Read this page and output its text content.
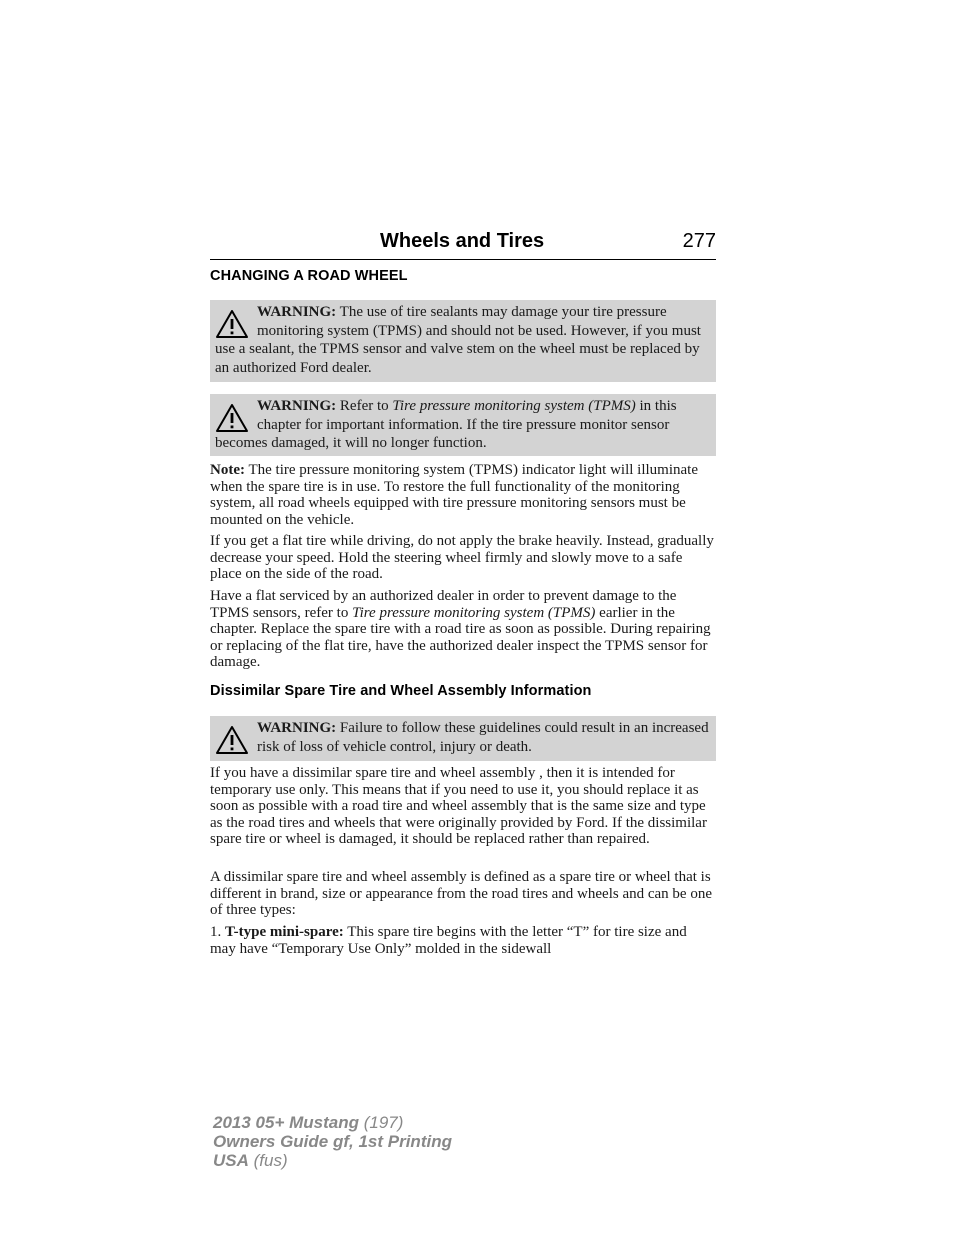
Wheels and Tires	277
CHANGING A ROAD WHEEL
WARNING: The use of tire sealants may damage your tire pressure monitoring system (TPMS) and should not be used. However, if you must use a sealant, the TPMS sensor and valve stem on the wheel must be replaced by an authorized Ford dealer.
WARNING: Refer to Tire pressure monitoring system (TPMS) in this chapter for important information. If the tire pressure monitor sensor becomes damaged, it will no longer function.

Note: The tire pressure monitoring system (TPMS) indicator light will illuminate when the spare tire is in use. To restore the full functionality of the monitoring system, all road wheels equipped with tire pressure monitoring sensors must be mounted on the vehicle.

If you get a flat tire while driving, do not apply the brake heavily. Instead, gradually decrease your speed. Hold the steering wheel firmly and slowly move to a safe place on the side of the road.

Have a flat serviced by an authorized dealer in order to prevent damage to the TPMS sensors, refer to Tire pressure monitoring system (TPMS) earlier in the chapter. Replace the spare tire with a road tire as soon as possible. During repairing or replacing of the flat tire, have the authorized dealer inspect the TPMS sensor for damage.

Dissimilar Spare Tire and Wheel Assembly Information
WARNING: Failure to follow these guidelines could result in an increased risk of loss of vehicle control, injury or death.

If you have a dissimilar spare tire and wheel assembly , then it is intended for temporary use only. This means that if you need to use it, you should replace it as soon as possible with a road tire and wheel assembly that is the same size and type as the road tires and wheels that were originally provided by Ford. If the dissimilar spare tire or wheel is damaged, it should be replaced rather than repaired.

A dissimilar spare tire and wheel assembly is defined as a spare tire or wheel that is different in brand, size or appearance from the road tires and wheels and can be one of three types:

1. T-type mini-spare: This spare tire begins with the letter “T” for tire size and may have “Temporary Use Only” molded in the sidewall

2013 05+ Mustang (197)
Owners Guide gf, 1st Printing
USA (fus)
